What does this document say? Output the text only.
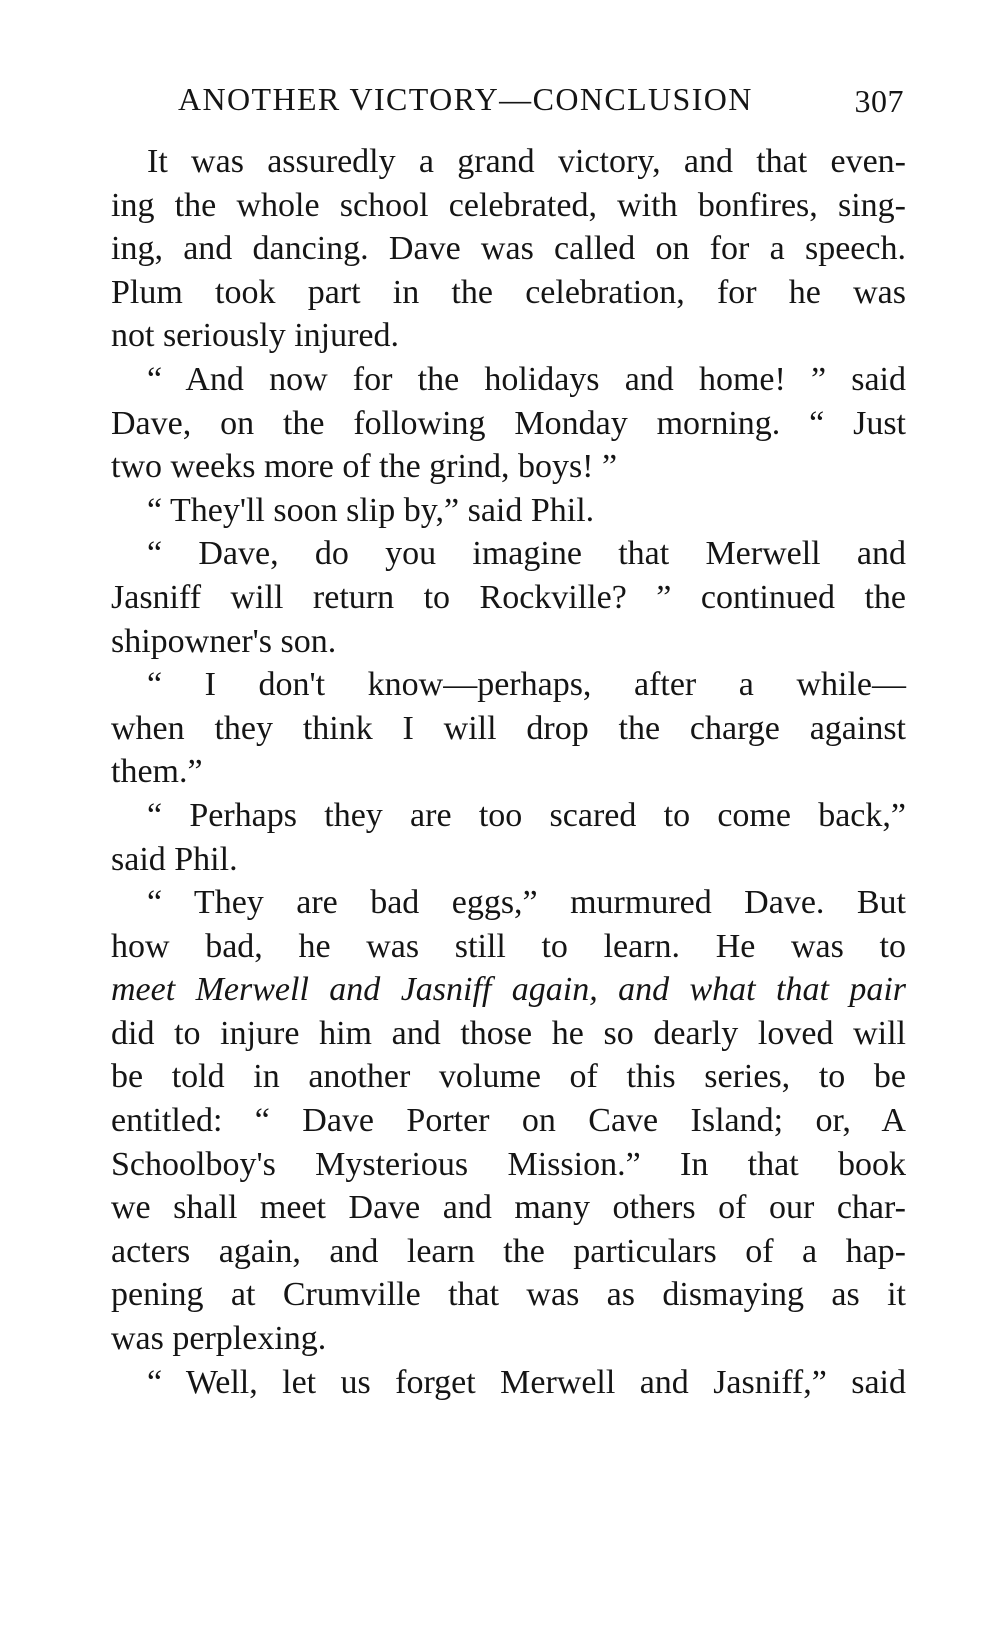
ANOTHER VICTORY—CONCLUSION	307
It was assuredly a grand victory, and that even-
ing the whole school celebrated, with bonfires, sing-
ing, and dancing. Dave was called on for a speech.
Plum took part in the celebration, for he was
not seriously injured.
“ And now for the holidays and home! ” said
Dave, on the following Monday morning. “ Just
two weeks more of the grind, boys! ”
“ They'll soon slip by,” said Phil.
“ Dave, do you imagine that Merwell and
Jasniff will return to Rockville? ” continued the
shipowner's son.
“ I don't know—perhaps, after a while—
when they think I will drop the charge against
them.”
“ Perhaps they are too scared to come back,”
said Phil.
“ They are bad eggs,” murmured Dave. But
how bad, he was still to learn. He was to
meet Merwell and Jasniff again, and what that pair
did to injure him and those he so dearly loved will
be told in another volume of this series, to be
entitled: “ Dave Porter on Cave Island; or, A
Schoolboy's Mysterious Mission.” In that book
we shall meet Dave and many others of our char-
acters again, and learn the particulars of a hap-
pening at Crumville that was as dismaying as it
was perplexing.
“ Well, let us forget Merwell and Jasniff,” said
